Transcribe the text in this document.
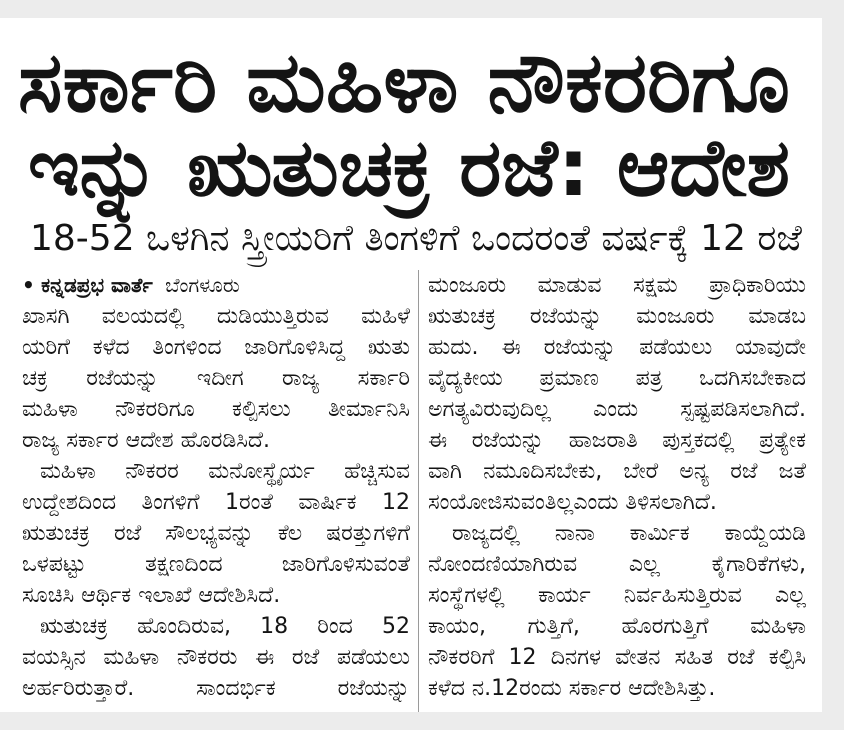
ಸರ್ಕಾರಿ ಮಹಿಳಾ ನೌಕರರಿಗೂ
ಇನ್ನು ಋತುಚಕ್ರ ರಜೆ: ಆದೇಶ
18-52 ಒಳಗಿನ ಸ್ತ್ರೀಯರಿಗೆ ತಿಂಗಳಿಗೆ ಒಂದರಂತೆ ವರ್ಷಕ್ಕೆ 12 ರಜೆ
• ಕನ್ನಡಪ್ರಭ ವಾರ್ತೆ ಬೆಂಗಳೂರು
ಖಾಸಗಿ ವಲಯದಲ್ಲಿ ದುಡಿಯುತ್ತಿರುವ ಮಹಿಳೆ
ಯರಿಗೆ ಕಳೆದ ತಿಂಗಳಿಂದ ಜಾರಿಗೊಳಿಸಿದ್ದ ಋತು
ಚಕ್ರ ರಜೆಯನ್ನು ಇದೀಗ ರಾಜ್ಯ ಸರ್ಕಾರಿ
ಮಹಿಳಾ ನೌಕರರಿಗೂ ಕಲ್ಪಿಸಲು ತೀರ್ಮಾನಿಸಿ
ರಾಜ್ಯ ಸರ್ಕಾರ ಆದೇಶ ಹೊರಡಿಸಿದೆ.
ಮಹಿಳಾ ನೌಕರರ ಮನೋಸ್ಥೈರ್ಯ ಹೆಚ್ಚಿಸುವ
ಉದ್ದೇಶದಿಂದ ತಿಂಗಳಿಗೆ 1ರಂತೆ ವಾರ್ಷಿಕ 12
ಋತುಚಕ್ರ ರಜೆ ಸೌಲಭ್ಯವನ್ನು ಕೆಲ ಷರತ್ತುಗಳಿಗೆ
ಒಳಪಟ್ಟು ತಕ್ಷಣದಿಂದ ಜಾರಿಗೊಳಿಸುವಂತೆ
ಸೂಚಿಸಿ ಆರ್ಥಿಕ ಇಲಾಖೆ ಆದೇಶಿಸಿದೆ.
ಋತುಚಕ್ರ ಹೊಂದಿರುವ, 18 ರಿಂದ 52
ವಯಸ್ಸಿನ ಮಹಿಳಾ ನೌಕರರು ಈ ರಜೆ ಪಡೆಯಲು
ಅರ್ಹರಿರುತ್ತಾರೆ. ಸಾಂದರ್ಭಿಕ ರಜೆಯನ್ನು
ಮಂಜೂರು ಮಾಡುವ ಸಕ್ಷಮ ಪ್ರಾಧಿಕಾರಿಯು
ಋತುಚಕ್ರ ರಜೆಯನ್ನು ಮಂಜೂರು ಮಾಡಬ
ಹುದು. ಈ ರಜೆಯನ್ನು ಪಡೆಯಲು ಯಾವುದೇ
ವೈದ್ಯಕೀಯ ಪ್ರಮಾಣ ಪತ್ರ ಒದಗಿಸಬೇಕಾದ
ಅಗತ್ಯವಿರುವುದಿಲ್ಲ ಎಂದು ಸ್ಪಷ್ಟಪಡಿಸಲಾಗಿದೆ.
ಈ ರಜೆಯನ್ನು ಹಾಜರಾತಿ ಪುಸ್ತಕದಲ್ಲಿ ಪ್ರತ್ಯೇಕ
ವಾಗಿ ನಮೂದಿಸಬೇಕು, ಬೇರೆ ಅನ್ಯ ರಜೆ ಜತೆ
ಸಂಯೋಜಿಸುವಂತಿಲ್ಲಎಂದು ತಿಳಿಸಲಾಗಿದೆ.
ರಾಜ್ಯದಲ್ಲಿ ನಾನಾ ಕಾರ್ಮಿಕ ಕಾಯ್ದೆಯಡಿ
ನೋಂದಣಿಯಾಗಿರುವ ಎಲ್ಲ ಕೈಗಾರಿಕೆಗಳು,
ಸಂಸ್ಥೆಗಳಲ್ಲಿ ಕಾರ್ಯ ನಿರ್ವಹಿಸುತ್ತಿರುವ ಎಲ್ಲ
ಕಾಯಂ, ಗುತ್ತಿಗೆ, ಹೊರಗುತ್ತಿಗೆ ಮಹಿಳಾ
ನೌಕರರಿಗೆ 12 ದಿನಗಳ ವೇತನ ಸಹಿತ ರಜೆ ಕಲ್ಪಿಸಿ
ಕಳೆದ ನ.12ರಂದು ಸರ್ಕಾರ ಆದೇಶಿಸಿತ್ತು.
